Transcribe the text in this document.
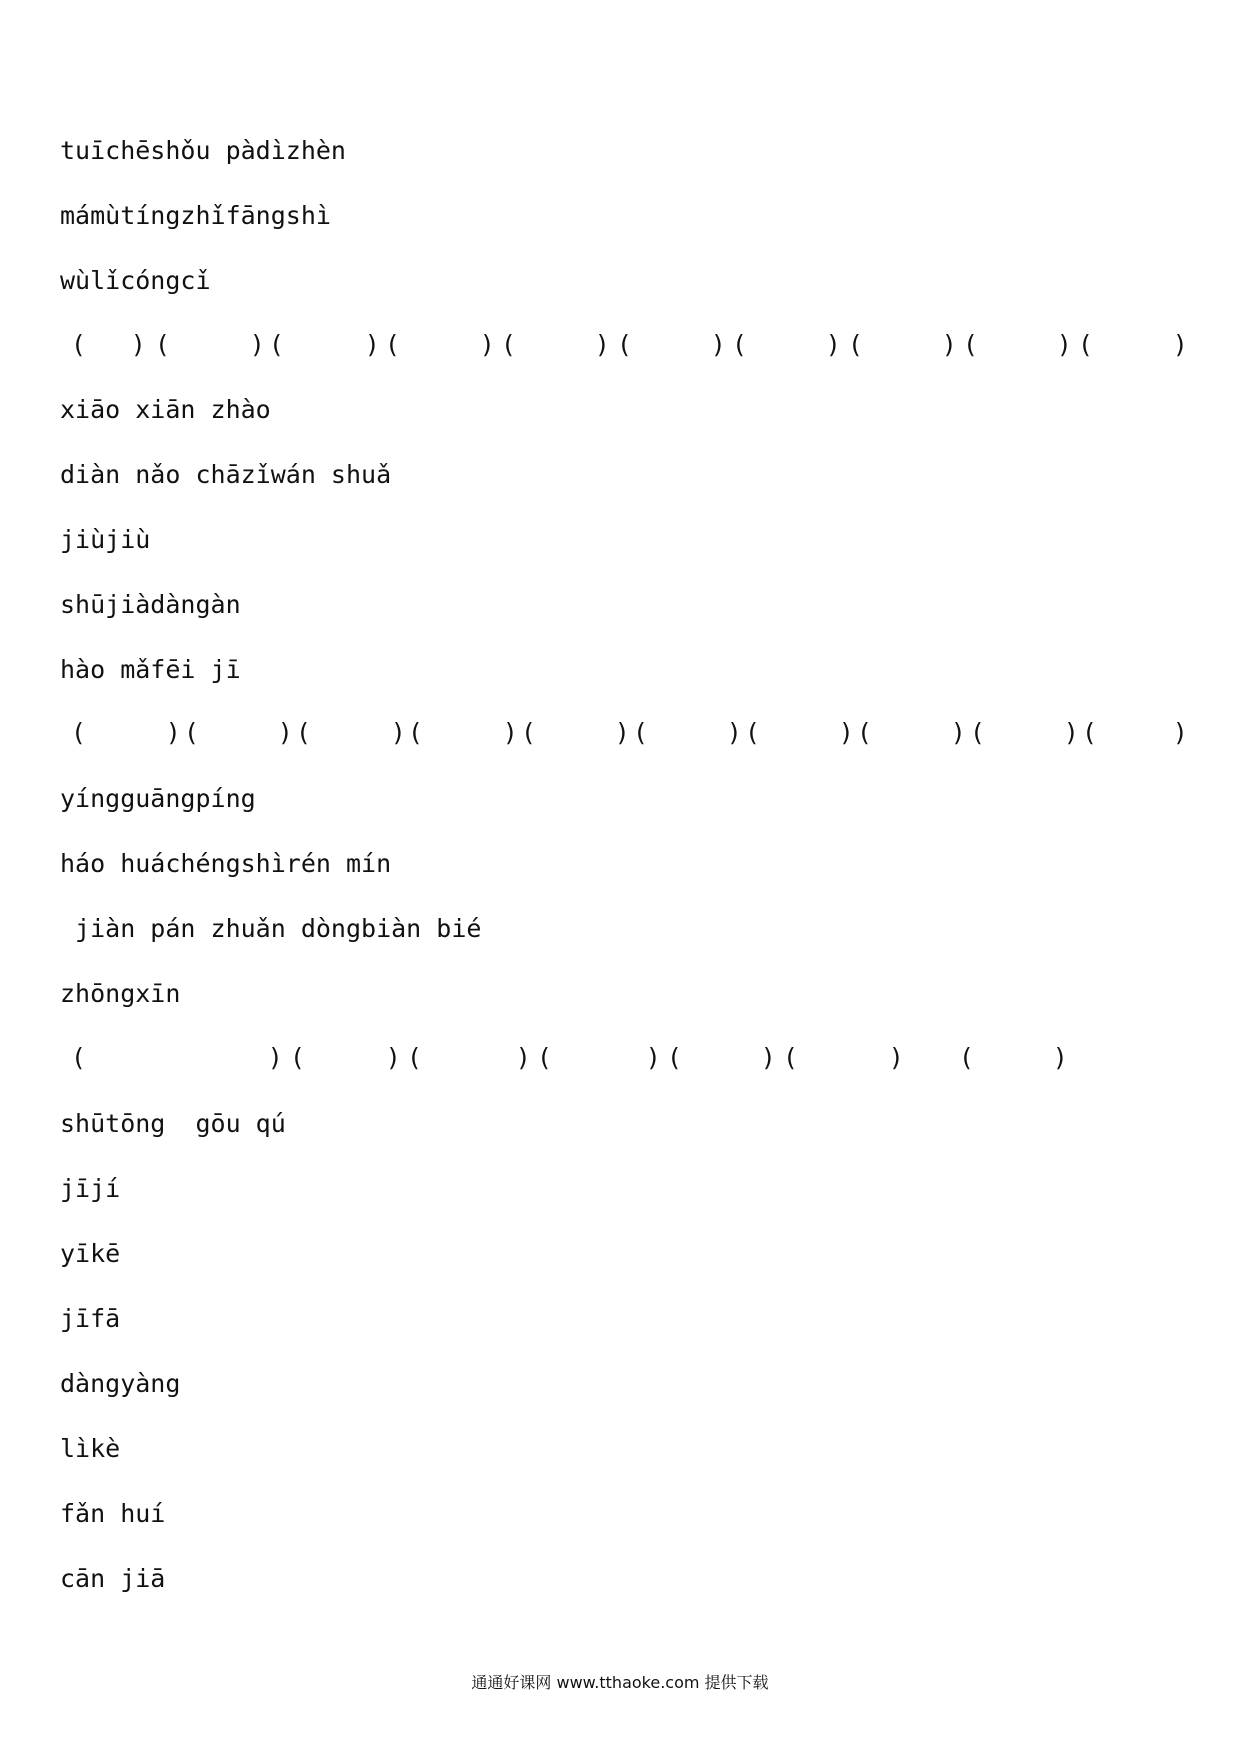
tuīchēshǒu pàdìzhèn
mámùtíngzhǐfāngshì
wùlǐcóngcǐ
( ) (	) (	) (	) (	) (	) (	) (	) (	) (	)
xiāo xiān zhào
diàn nǎo chāzǐwán shuǎ
jiùjiù
shūjiàdàngàn
hào mǎfēi jī
(	) (	) (	) (	) (	) (	) (	) (	) (	) (	)
yíngguāngpíng
háo huáchéngshìrén mín
jiàn pán zhuǎn dòngbiàn bié
zhōngxīn
(	) (	) (	) (	) (	) (	) (	)
shūtōng  gōu qú
jījí
yīkē
jīfā
dàngyàng
lìkè
fǎn huí
cān jiā
通通好课网 www.tthaoke.com 提供下载
